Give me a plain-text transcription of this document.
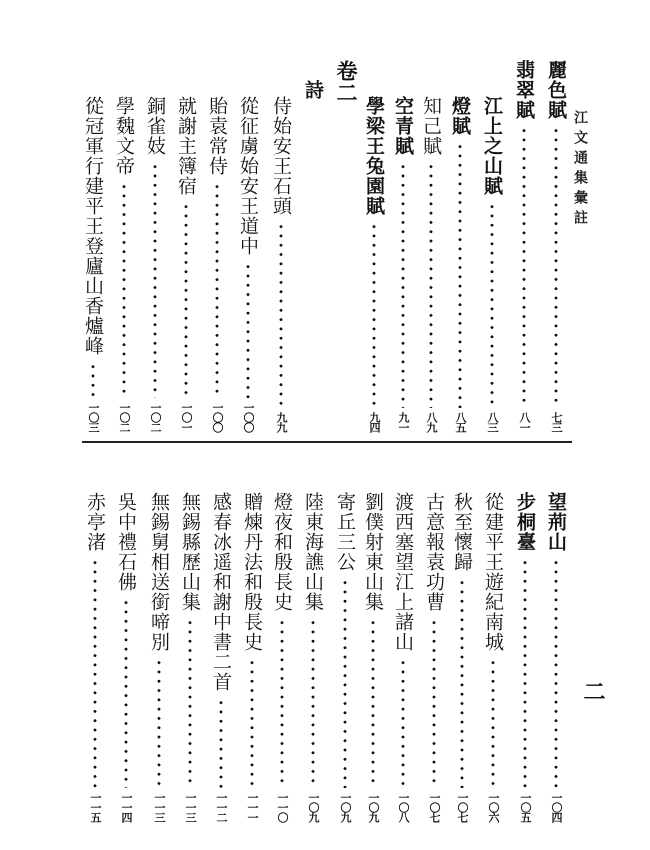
江文通集彙註
麗色賦
七三
翡翠賦
八一
江上之山賦
八三
燈賦
八五
知己賦
八九
空青賦
九一
學梁王兔園賦
九四
卷二
詩
侍始安王石頭
九九
從征虜始安王道中
一〇〇
貽袁常侍
一〇〇
就謝主簿宿
一〇一
銅雀妓
一〇二
學魏文帝
一〇二
從冠軍行建平王登廬山香爐峰
一〇三
二
望荊山
一〇四
步桐臺
一〇五
從建平王遊紀南城
一〇六
秋至懷歸
一〇七
古意報袁功曹
一〇七
渡西塞望江上諸山
一〇八
劉僕射東山集
一〇九
寄丘三公
一〇九
陸東海譙山集
一〇九
燈夜和殷長史
一一〇
贈煉丹法和殷長史
一一一
感春冰遥和謝中書二首
一一二
無錫縣歷山集
一一三
無錫舅相送銜啼別
一一三
吳中禮石佛
一一四
赤亭渚
一一五
